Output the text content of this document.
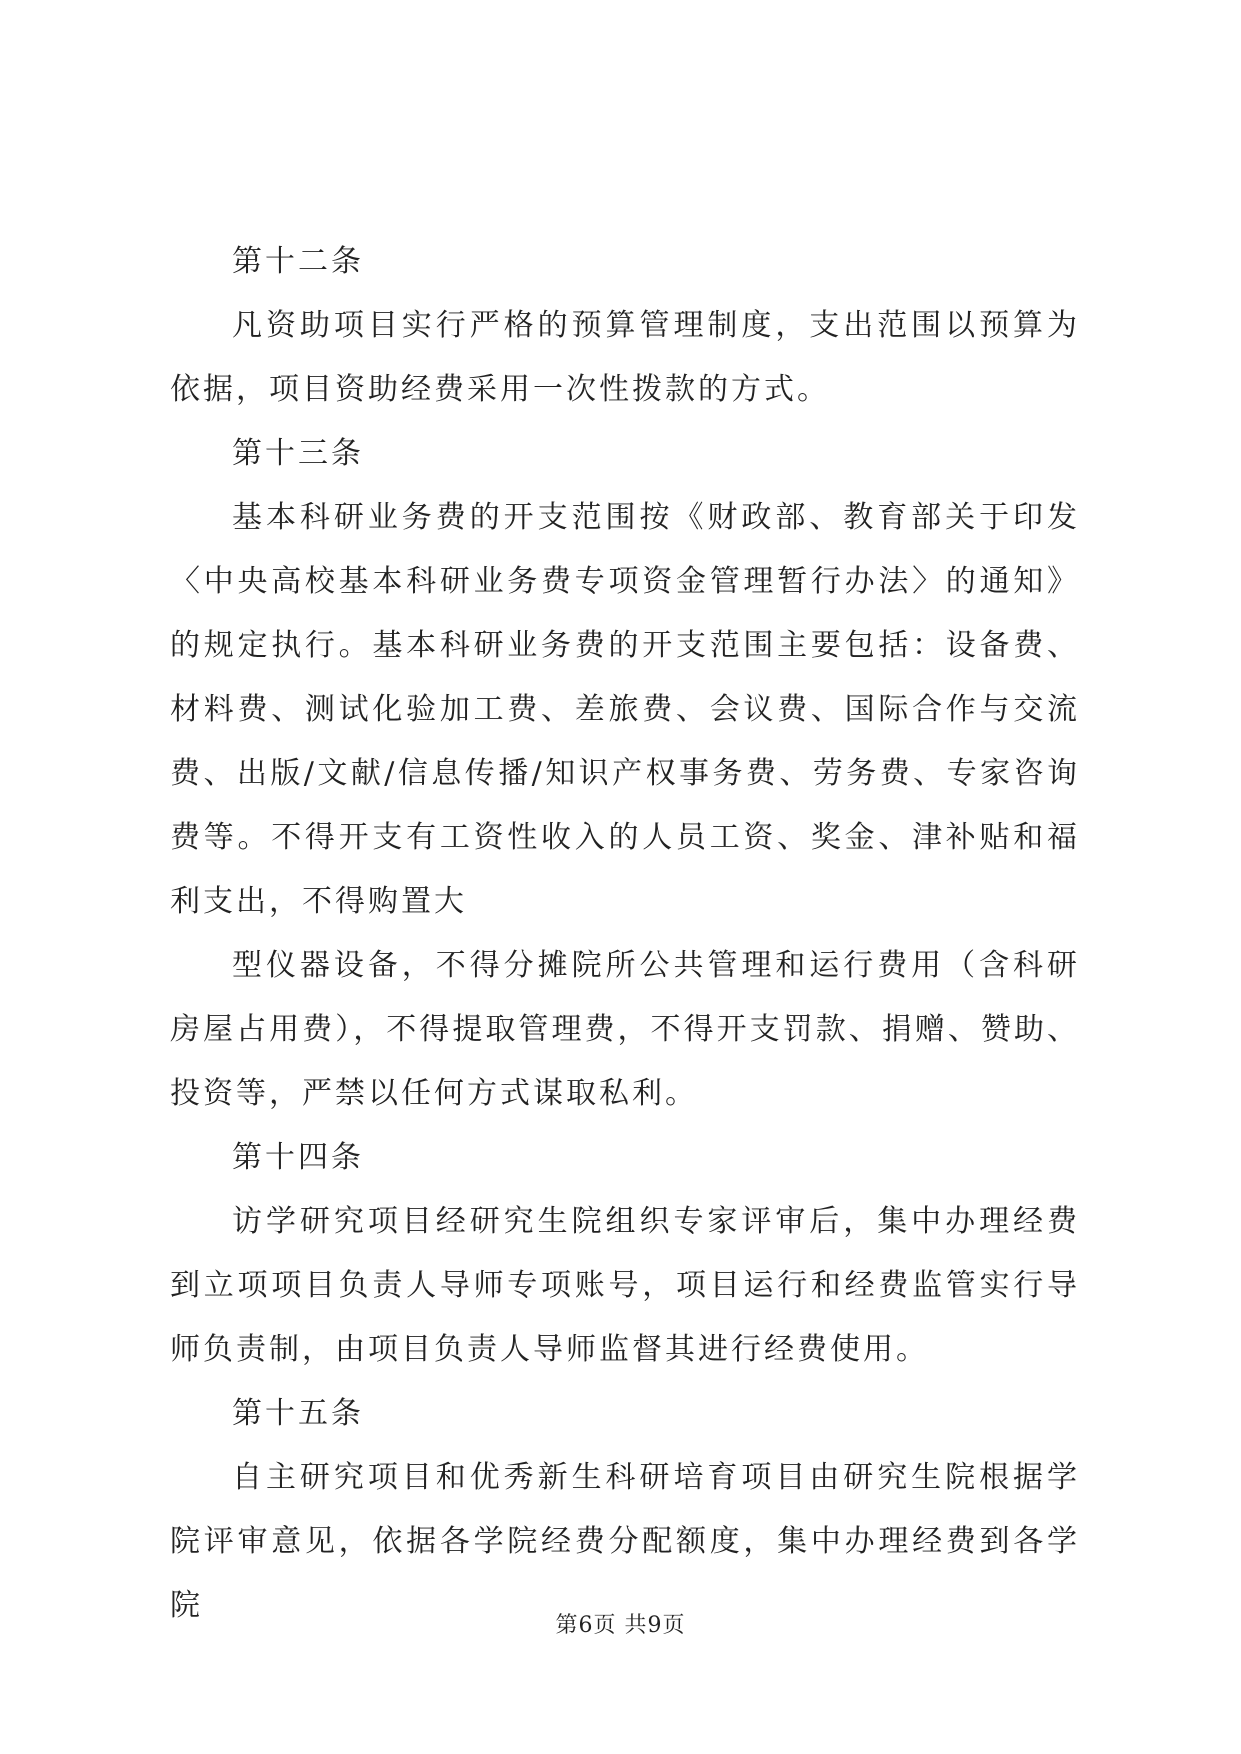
第十二条

凡资助项目实行严格的预算管理制度，支出范围以预算为依据，项目资助经费采用一次性拨款的方式。

第十三条

基本科研业务费的开支范围按《财政部、教育部关于印发〈中央高校基本科研业务费专项资金管理暂行办法〉的通知》的规定执行。基本科研业务费的开支范围主要包括：设备费、材料费、测试化验加工费、差旅费、会议费、国际合作与交流费、出版/文献/信息传播/知识产权事务费、劳务费、专家咨询费等。不得开支有工资性收入的人员工资、奖金、津补贴和福利支出，不得购置大

型仪器设备，不得分摊院所公共管理和运行费用（含科研房屋占用费），不得提取管理费，不得开支罚款、捐赠、赞助、投资等，严禁以任何方式谋取私利。

第十四条

访学研究项目经研究生院组织专家评审后，集中办理经费到立项项目负责人导师专项账号，项目运行和经费监管实行导师负责制，由项目负责人导师监督其进行经费使用。

第十五条

自主研究项目和优秀新生科研培育项目由研究生院根据学院评审意见，依据各学院经费分配额度，集中办理经费到各学院

第6页 共9页
